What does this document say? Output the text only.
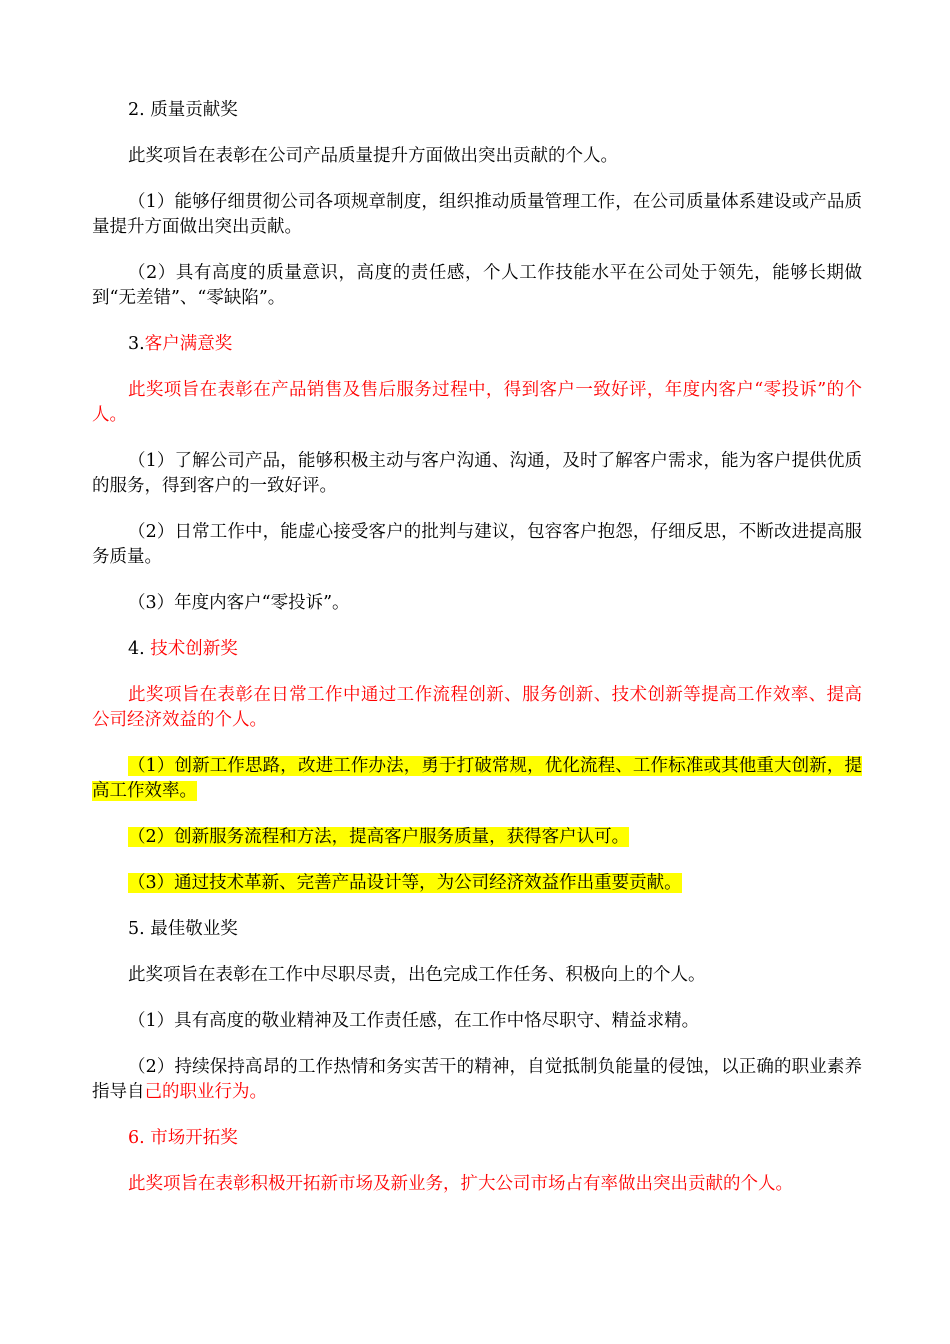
2. 质量贡献奖

此奖项旨在表彰在公司产品质量提升方面做出突出贡献的个人。

（1）能够仔细贯彻公司各项规章制度，组织推动质量管理工作，在公司质量体系建设或产品质量提升方面做出突出贡献。

（2）具有高度的质量意识，高度的责任感，个人工作技能水平在公司处于领先，能够长期做到“无差错”、“零缺陷”。

3.客户满意奖

此奖项旨在表彰在产品销售及售后服务过程中，得到客户一致好评，年度内客户“零投诉”的个人。

（1）了解公司产品，能够积极主动与客户沟通、沟通，及时了解客户需求，能为客户提供优质的服务，得到客户的一致好评。

（2）日常工作中，能虚心接受客户的批判与建议，包容客户抱怨，仔细反思，不断改进提高服务质量。

（3）年度内客户“零投诉”。

4. 技术创新奖

此奖项旨在表彰在日常工作中通过工作流程创新、服务创新、技术创新等提高工作效率、提高公司经济效益的个人。

（1）创新工作思路，改进工作办法，勇于打破常规，优化流程、工作标准或其他重大创新，提高工作效率。

（2）创新服务流程和方法，提高客户服务质量，获得客户认可。

（3）通过技术革新、完善产品设计等，为公司经济效益作出重要贡献。

5. 最佳敬业奖

此奖项旨在表彰在工作中尽职尽责，出色完成工作任务、积极向上的个人。

（1）具有高度的敬业精神及工作责任感，在工作中恪尽职守、精益求精。

（2）持续保持高昂的工作热情和务实苦干的精神，自觉抵制负能量的侵蚀，以正确的职业素养指导自己的职业行为。

6. 市场开拓奖

此奖项旨在表彰积极开拓新市场及新业务，扩大公司市场占有率做出突出贡献的个人。
